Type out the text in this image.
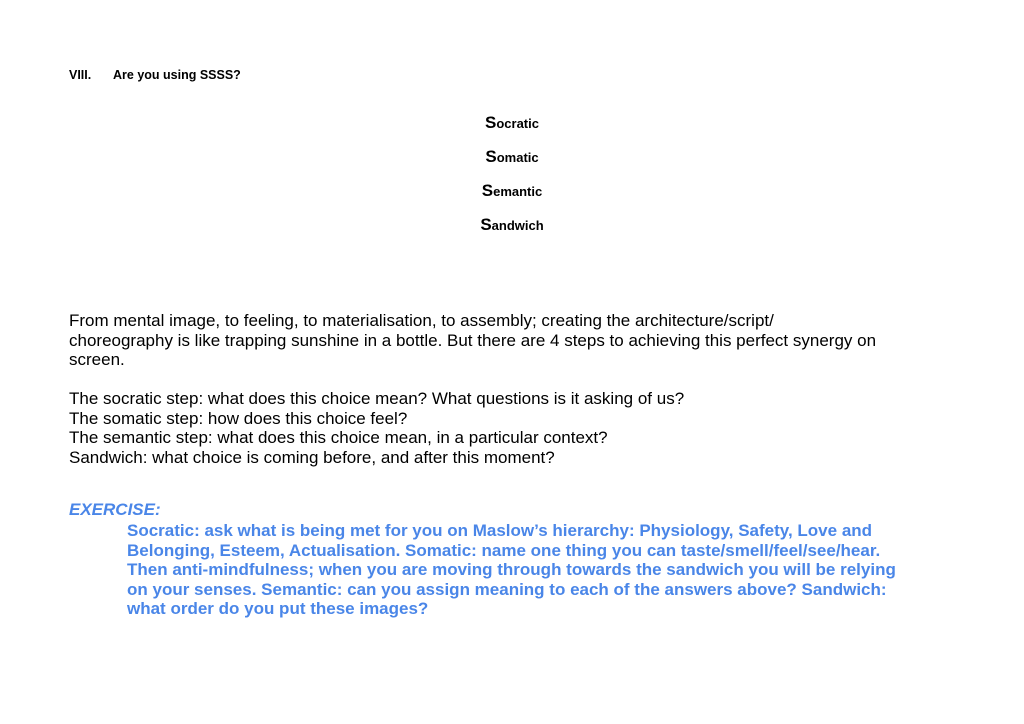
VIII. Are you using SSSS?
Socratic
Somatic
Semantic
Sandwich
From mental image, to feeling, to materialisation, to assembly; creating the architecture/script/
choreography is like trapping sunshine in a bottle. But there are 4 steps to achieving this perfect synergy on
screen.
The socratic step: what does this choice mean? What questions is it asking of us?
The somatic step: how does this choice feel?
The semantic step: what does this choice mean, in a particular context?
Sandwich: what choice is coming before, and after this moment?
EXERCISE:
Socratic: ask what is being met for you on Maslow’s hierarchy: Physiology, Safety, Love and
Belonging, Esteem, Actualisation. Somatic: name one thing you can taste/smell/feel/see/hear.
Then anti-mindfulness; when you are moving through towards the sandwich you will be relying
on your senses. Semantic: can you assign meaning to each of the answers above? Sandwich:
what order do you put these images?
